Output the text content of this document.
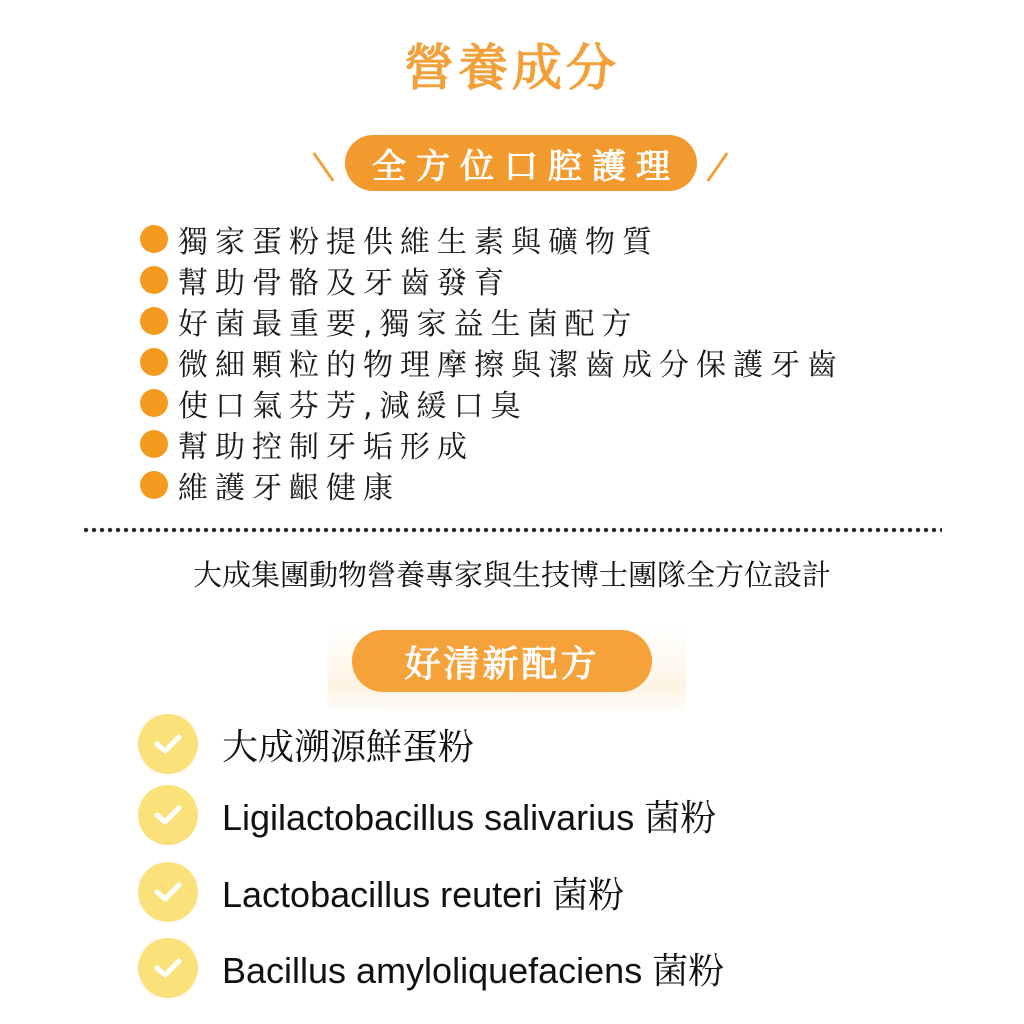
營養成分
全方位口腔護理
獨家蛋粉提供維生素與礦物質
幫助骨骼及牙齒發育
好菌最重要,獨家益生菌配方
微細顆粒的物理摩擦與潔齒成分保護牙齒
使口氣芬芳,減緩口臭
幫助控制牙垢形成
維護牙齦健康
大成集團動物營養專家與生技博士團隊全方位設計
好清新配方
大成溯源鮮蛋粉
Ligilactobacillus salivarius 菌粉
Lactobacillus reuteri 菌粉
Bacillus amyloliquefaciens 菌粉
